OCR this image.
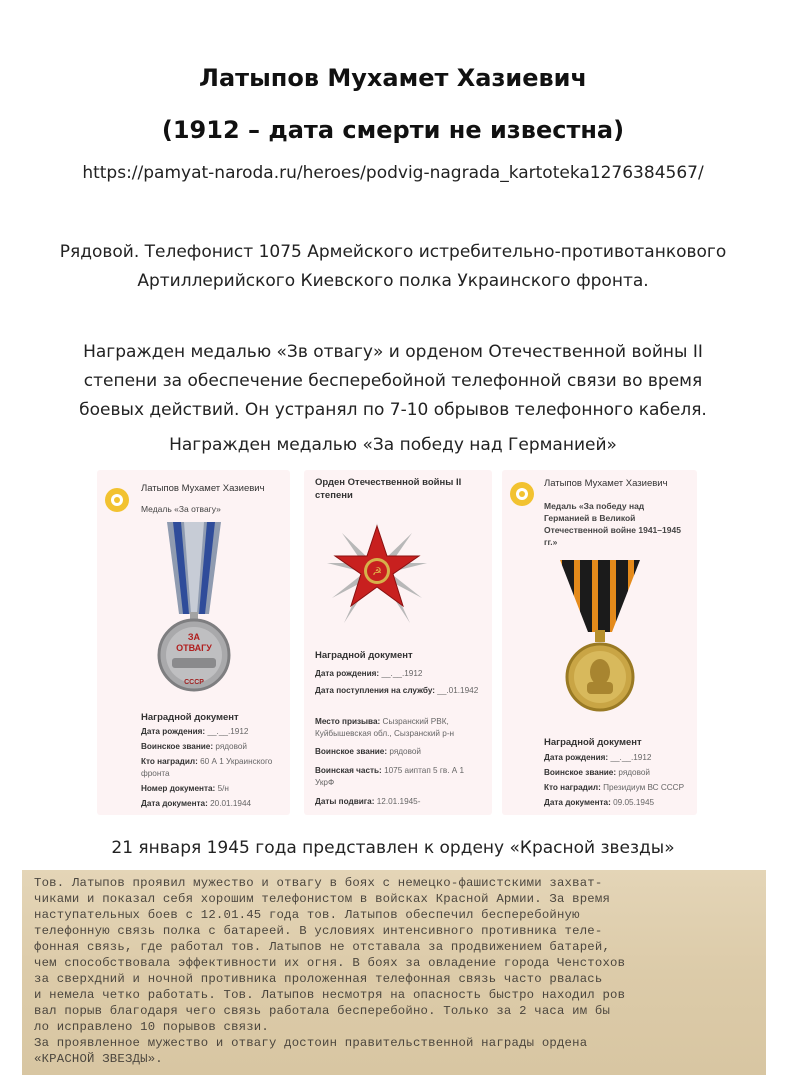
Латыпов Мухамет Хазиевич
(1912 – дата смерти не известна)
https://pamyat-naroda.ru/heroes/podvig-nagrada_kartoteka1276384567/
Рядовой. Телефонист 1075 Армейского истребительно-противотанкового Артиллерийского Киевского полка Украинского фронта.
Награжден медалью «Зв отвагу» и орденом Отечественной войны II степени за обеспечение бесперебойной телефонной связи во время боевых действий. Он устранял по 7-10 обрывов телефонного кабеля.
Награжден медалью «За победу над Германией»
Латыпов Мухамет Хазиевич
Медаль «За отвагу»
ЗА
ОТВАГУ
СССР
Наградной документ
Дата рождения: __.__.1912
Воинское звание: рядовой
Кто наградил: 60 А 1 Украинского фронта
Номер документа: 5/н
Дата документа: 20.01.1944
Орден Отечественной войны II степени
☭
Наградной документ
Дата рождения: __.__.1912
Дата поступления на службу: __.01.1942
Место призыва: Сызранский РВК, Куйбышевская обл., Сызранский р-н
Воинское звание: рядовой
Воинская часть: 1075 аиптап 5 гв. А 1 УкрФ
Даты подвига: 12.01.1945-
Латыпов Мухамет Хазиевич
Медаль «За победу над Германией в Великой Отечественной войне 1941–1945 гг.»
Наградной документ
Дата рождения: __.__.1912
Воинское звание: рядовой
Кто наградил: Президиум ВС СССР
Дата документа: 09.05.1945
21 января 1945 года представлен к ордену «Красной звезды»
Тов. Латыпов проявил мужество и отвагу в боях с немецко-фашистскими захват-
чиками и показал себя хорошим телефонистом в войсках Красной Армии. За время
наступательных боев с 12.01.45 года тов. Латыпов обеспечил бесперебойную
телефонную связь полка с батареей. В условиях интенсивного противника теле-
фонная связь, где работал тов. Латыпов не отставала за продвижением батарей,
чем способствовала эффективности их огня. В боях за овладение города Ченстохов
за сверхдний и ночной противника проложенная телефонная связь часто рвалась
и немела четко работать. Тов. Латыпов несмотря на опасность быстро находил ров
вал порыв благодаря чего связь работала бесперебойно. Только за 2 часа им бы
ло исправлено 10 порывов связи.
За проявленное мужество и отвагу достоин правительственной награды ордена
«КРАСНОЙ ЗВЕЗДЫ».
